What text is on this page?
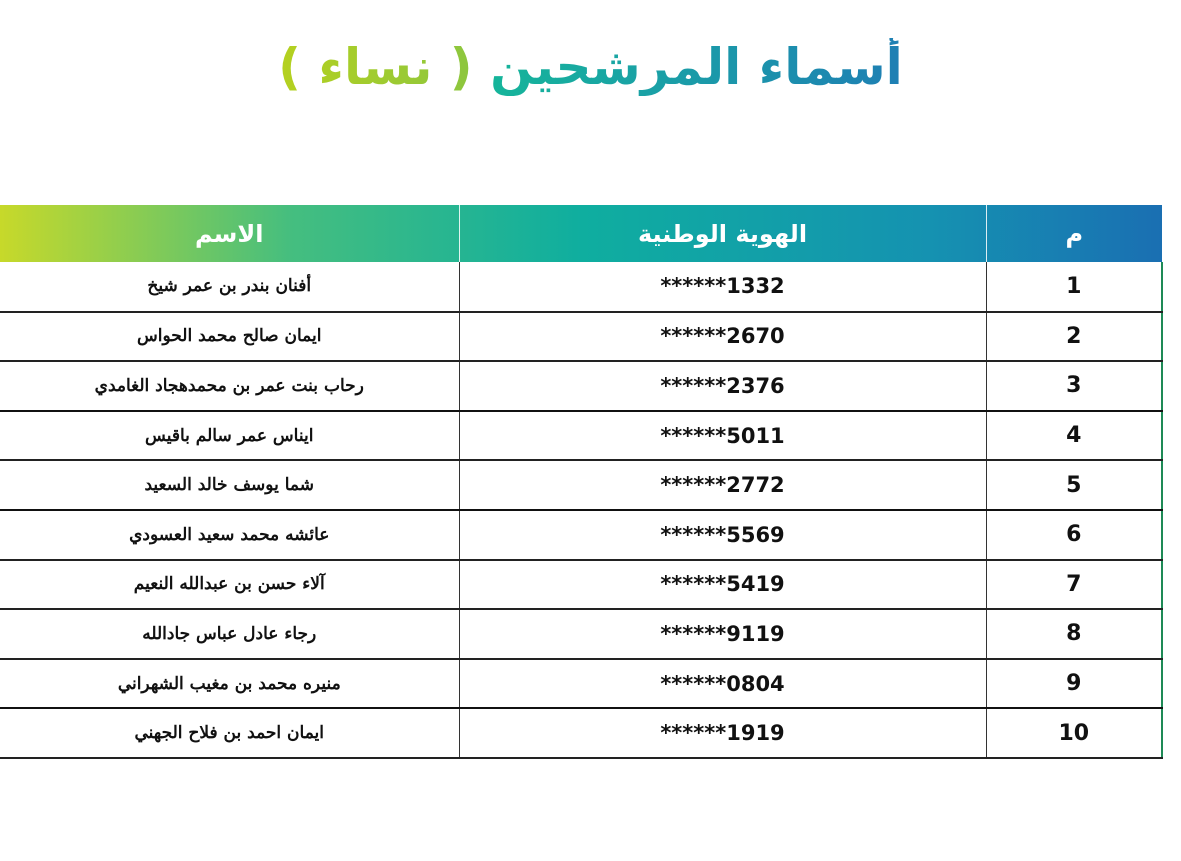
أسماء المرشحين ( نساء )
م	الهوية الوطنية	الاسم
1	******1332	أفنان بندر بن عمر شيخ
2	******2670	ايمان صالح محمد الحواس
3	******2376	رحاب بنت عمر بن محمدهجاد الغامدي
4	******5011	ايناس عمر سالم باقيس
5	******2772	شما يوسف خالد السعيد
6	******5569	عائشه محمد سعيد العسودي
7	******5419	آلاء حسن بن عبدالله النعيم
8	******9119	رجاء عادل عباس جادالله
9	******0804	منيره محمد بن مغيب الشهراني
10	******1919	ايمان احمد بن فلاح الجهني
